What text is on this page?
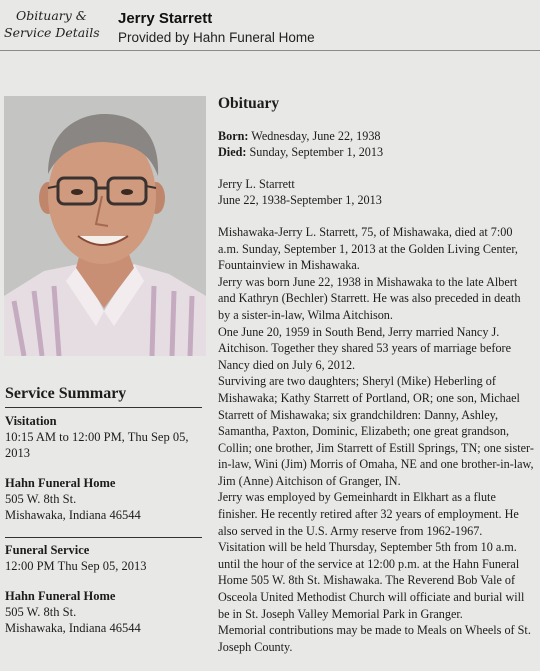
Obituary &
Service Details
Jerry Starrett
Provided by Hahn Funeral Home
Service Summary
Visitation
10:15 AM to 12:00 PM, Thu Sep 05,
2013
Hahn Funeral Home
505 W. 8th St.
Mishawaka, Indiana 46544
Funeral Service
12:00 PM Thu Sep 05, 2013
Hahn Funeral Home
505 W. 8th St.
Mishawaka, Indiana 46544
Obituary
Born: Wednesday, June 22, 1938
Died: Sunday, September 1, 2013
Jerry L. Starrett
June 22, 1938-September 1, 2013

Mishawaka-Jerry L. Starrett, 75, of Mishawaka, died at 7:00 a.m. Sunday, September 1, 2013 at the Golden Living Center, Fountainview in Mishawaka.

Jerry was born June 22, 1938 in Mishawaka to the late Albert and Kathryn (Bechler) Starrett. He was also preceded in death by a sister-in-law, Wilma Aitchison.

One June 20, 1959 in South Bend, Jerry married Nancy J. Aitchison. Together they shared 53 years of marriage before Nancy died on July 6, 2012.

Surviving are two daughters; Sheryl (Mike) Heberling of Mishawaka; Kathy Starrett of Portland, OR; one son, Michael Starrett of Mishawaka; six grandchildren: Danny, Ashley, Samantha, Paxton, Dominic, Elizabeth; one great grandson, Collin; one brother, Jim Starrett of Estill Springs, TN; one sister-in-law, Wini (Jim) Morris of Omaha, NE and one brother-in-law, Jim (Anne) Aitchison of Granger, IN.

Jerry was employed by Gemeinhardt in Elkhart as a flute finisher. He recently retired after 32 years of employment. He also served in the U.S. Army reserve from 1962-1967.

Visitation will be held Thursday, September 5th from 10 a.m. until the hour of the service at 12:00 p.m. at the Hahn Funeral Home 505 W. 8th St. Mishawaka. The Reverend Bob Vale of Osceola United Methodist Church will officiate and burial will be in St. Joseph Valley Memorial Park in Granger.

Memorial contributions may be made to Meals on Wheels of St. Joseph County.
